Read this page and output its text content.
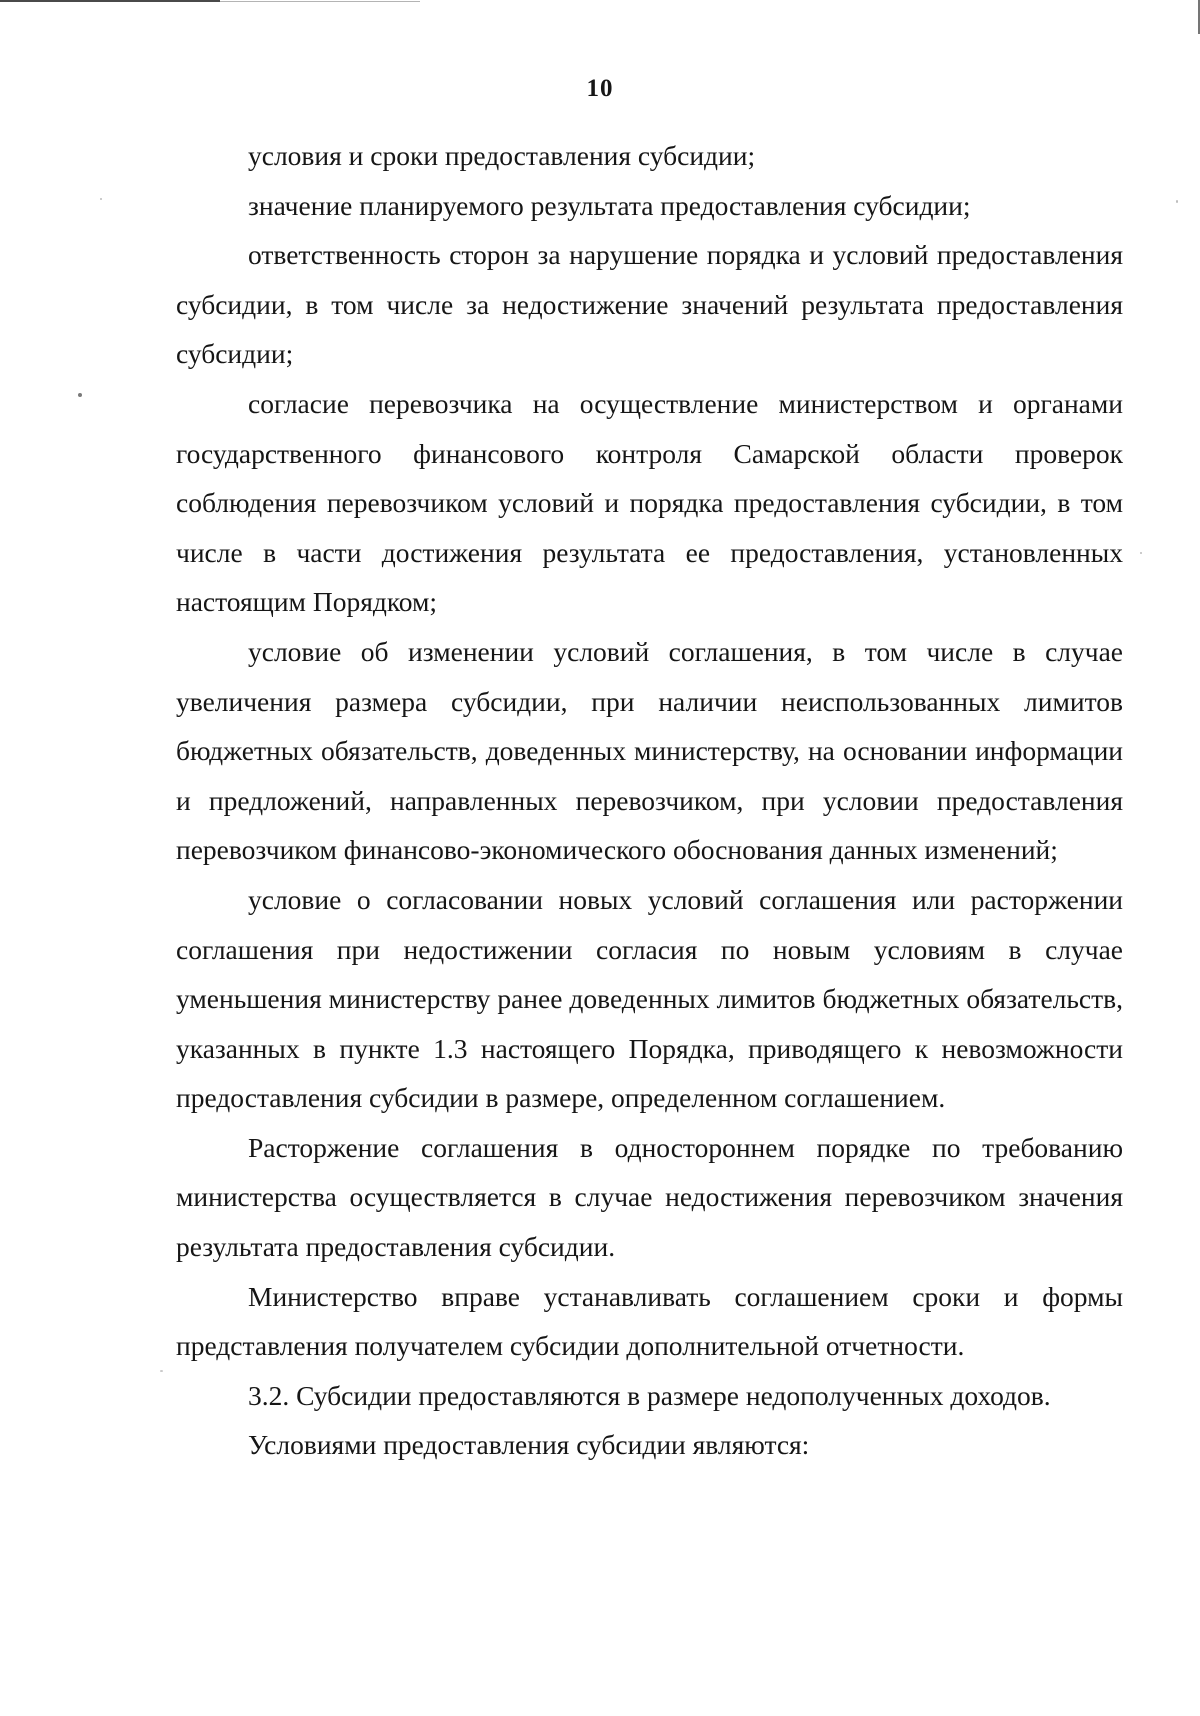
10

условия и сроки предоставления субсидии;

значение планируемого результата предоставления субсидии;

ответственность сторон за нарушение порядка и условий предоставления субсидии, в том числе за недостижение значений результата предоставления субсидии;

согласие перевозчика на осуществление министерством и органами государственного финансового контроля Самарской области проверок соблюдения перевозчиком условий и порядка предоставления субсидии, в том числе в части достижения результата ее предоставления, установленных настоящим Порядком;

условие об изменении условий соглашения, в том числе в случае увеличения размера субсидии, при наличии неиспользованных лимитов бюджетных обязательств, доведенных министерству, на основании информации и предложений, направленных перевозчиком, при условии предоставления перевозчиком финансово-экономического обоснования данных изменений;

условие о согласовании новых условий соглашения или расторжении соглашения при недостижении согласия по новым условиям в случае уменьшения министерству ранее доведенных лимитов бюджетных обязательств, указанных в пункте 1.3 настоящего Порядка, приводящего к невозможности предоставления субсидии в размере, определенном соглашением.

Расторжение соглашения в одностороннем порядке по требованию министерства осуществляется в случае недостижения перевозчиком значения результата предоставления субсидии.

Министерство вправе устанавливать соглашением сроки и формы представления получателем субсидии дополнительной отчетности.

3.2. Субсидии предоставляются в размере недополученных доходов.

Условиями предоставления субсидии являются:
